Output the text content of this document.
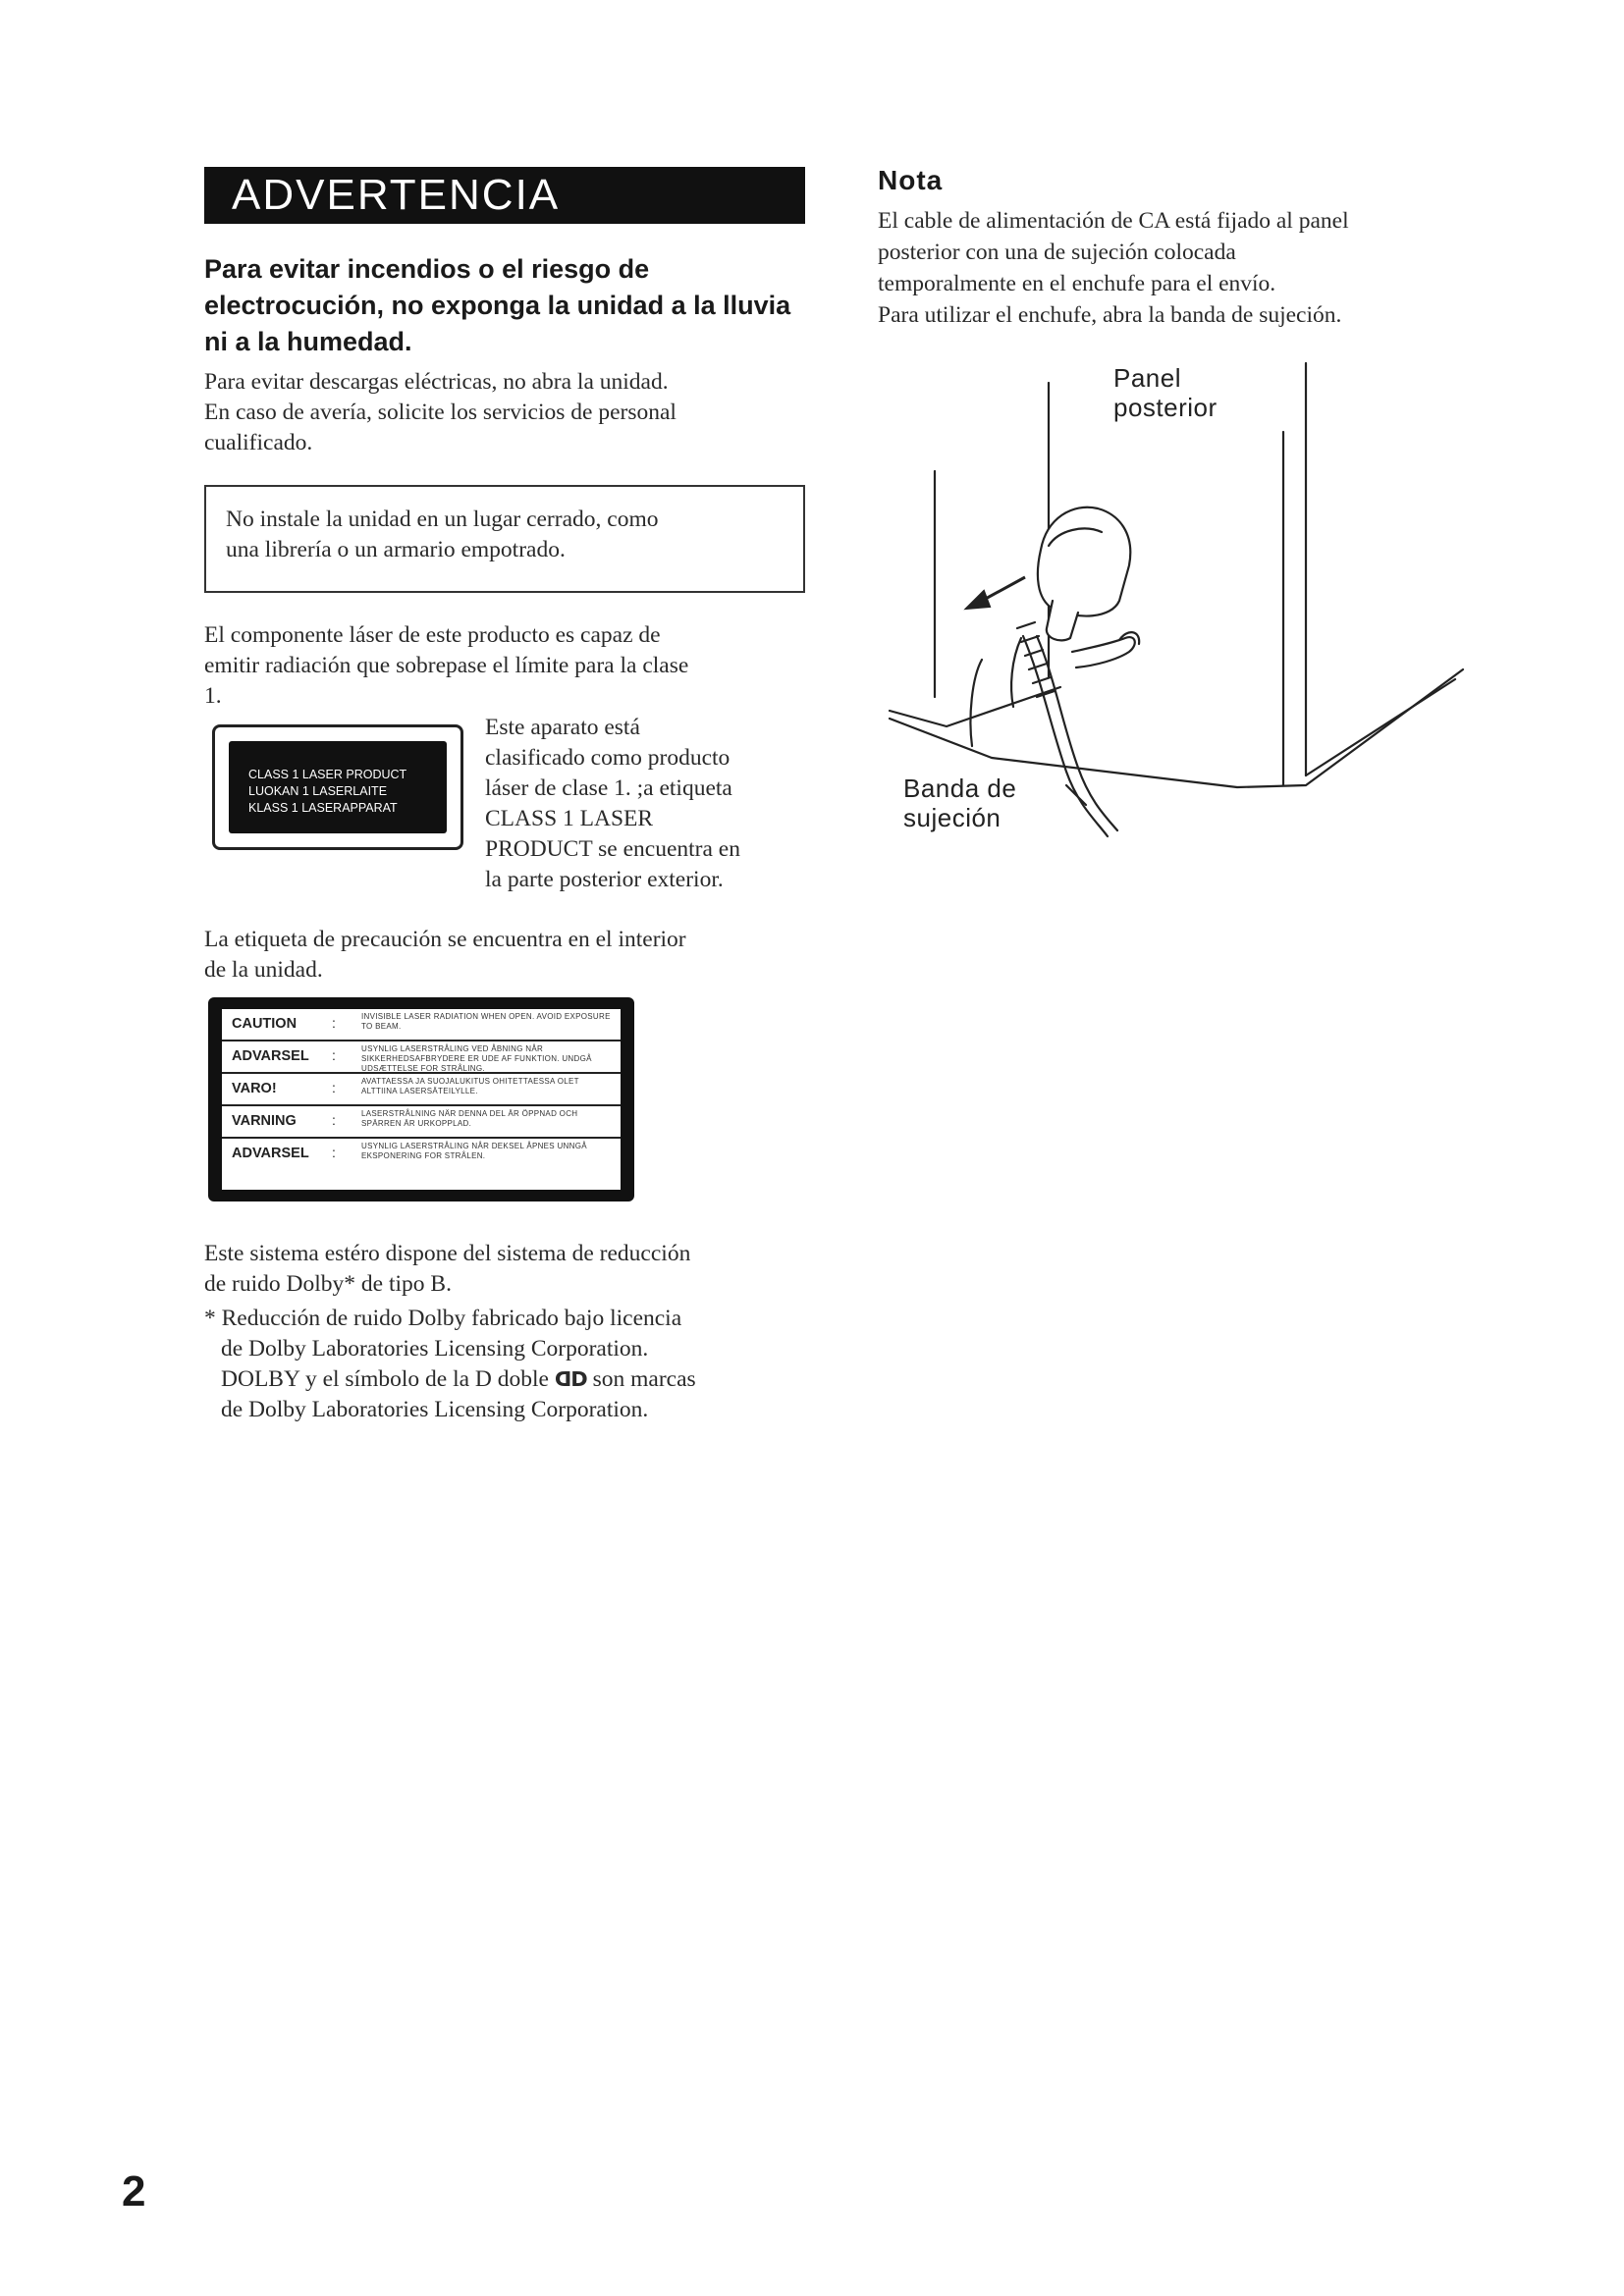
ADVERTENCIA
Para evitar incendios o el riesgo de electrocución, no exponga la unidad a la lluvia ni a la humedad.
Para evitar descargas eléctricas, no abra la unidad.
En caso de avería, solicite los servicios de personal
cualificado.
No instale la unidad en un lugar cerrado, como
una librería o un armario empotrado.
El componente láser de este producto es capaz de
emitir radiación que sobrepase el límite para la clase
1.
CLASS 1 LASER PRODUCT
LUOKAN 1 LASERLAITE
KLASS 1 LASERAPPARAT
Este aparato está
clasificado como producto
láser de clase 1. ;a etiqueta
CLASS 1 LASER
PRODUCT se encuentra en
la parte posterior exterior.
La etiqueta de precaución se encuentra en el interior
de la unidad.
CAUTION	:	INVISIBLE LASER RADIATION WHEN OPEN. AVOID EXPOSURE TO BEAM.
ADVARSEL :	USYNLIG LASERSTRÅLING VED ÅBNING NÅR SIKKERHEDSAFBRYDERE ER UDE AF FUNKTION. UNDGÅ UDSÆTTELSE FOR STRÅLING.
VARO!	:	AVATTAESSA JA SUOJALUKITUS OHITETTAESSA OLET ALTTIINA LASERSÄTEILYLLE.
VARNING	:	LASERSTRÅLNING NÄR DENNA DEL ÄR ÖPPNAD OCH SPÄRREN ÄR URKOPPLAD.
ADVARSEL :	USYNLIG LASERSTRÅLING NÅR DEKSEL ÅPNES UNNGÅ EKSPONERING FOR STRÅLEN.
Este sistema estéro dispone del sistema de reducción
de ruido Dolby* de tipo B.
* Reducción de ruido Dolby fabricado bajo licencia
de Dolby Laboratories Licensing Corporation.
DOLBY y el símbolo de la D doble ᗡᗞ son marcas
de Dolby Laboratories Licensing Corporation.
Nota
El cable de alimentación de CA está fijado al panel
posterior con una de sujeción colocada
temporalmente en el enchufe para el envío.
Para utilizar el enchufe, abra la banda de sujeción.
Panel
posterior
Banda de
sujeción
2
